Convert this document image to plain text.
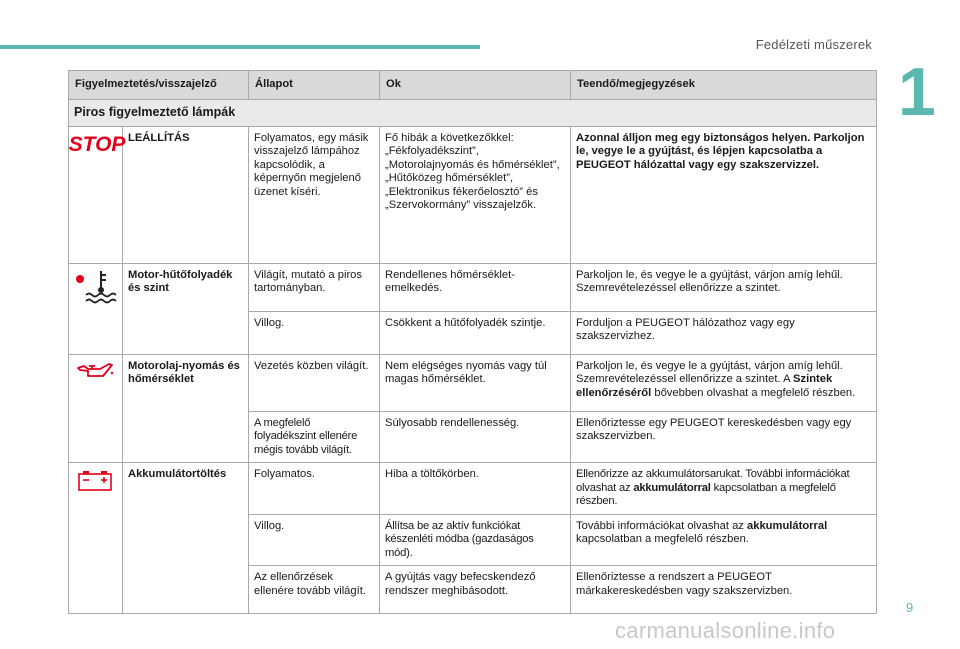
Fedélzeti műszerek
1
Figyelmeztetés/visszajelző		Állapot	Ok	Teendő/megjegyzések
Piros figyelmeztető lámpák				

STOP	LEÁLLÍTÁS	Folyamatos, egy másik visszajelző lámpához kapcsolódik, a képernyőn megjelenő üzenet kíséri.	Fő hibák a következőkkel: „Fékfolyadékszint”, „Motorolajnyomás és hőmérséklet”, „Hűtőközeg hőmérséklet”, „Elektronikus fékerőelosztó” és „Szervokormány” visszajelzők.	Azonnal álljon meg egy biztonságos helyen. Parkoljon le, vegye le a gyújtást, és lépjen kapcsolatba a PEUGEOT hálózattal vagy egy szakszervizzel.
	Motor-hűtőfolyadék és szint	Világít, mutató a piros tartományban.	Rendellenes hőmérséklet-emelkedés.	Parkoljon le, és vegye le a gyújtást, várjon amíg lehűl. Szemrevételezéssel ellenőrizze a szintet.
		Villog.	Csökkent a hűtőfolyadék szintje.	Forduljon a PEUGEOT hálózathoz vagy egy szakszervizhez.
	Motorolaj-nyomás és hőmérséklet	Vezetés közben világít.	Nem elégséges nyomás vagy túl magas hőmérséklet.	Parkoljon le, és vegye le a gyújtást, várjon amíg lehűl. Szemrevételezéssel ellenőrizze a szintet. A Szintek ellenőrzéséről bővebben olvashat a megfelelő részben.
		A megfelelő folyadékszint ellenére mégis tovább világít.	Súlyosabb rendellenesség.	Ellenőriztesse egy PEUGEOT kereskedésben vagy egy szakszervizben.
	Akkumulátortöltés	Folyamatos.	Hiba a töltőkörben.	Ellenőrizze az akkumulátorsarukat. További információkat olvashat az akkumulátorral kapcsolatban a megfelelő részben.
		Villog.	Állítsa be az aktív funkciókat készenléti módba (gazdaságos mód).	További információkat olvashat az akkumulátorral kapcsolatban a megfelelő részben.
		Az ellenőrzések ellenére tovább világít.	A gyújtás vagy befecskendező rendszer meghibásodott.	Ellenőriztesse a rendszert a PEUGEOT márkakereskedésben vagy szakszervizben.
9
carmanualsonline.info
